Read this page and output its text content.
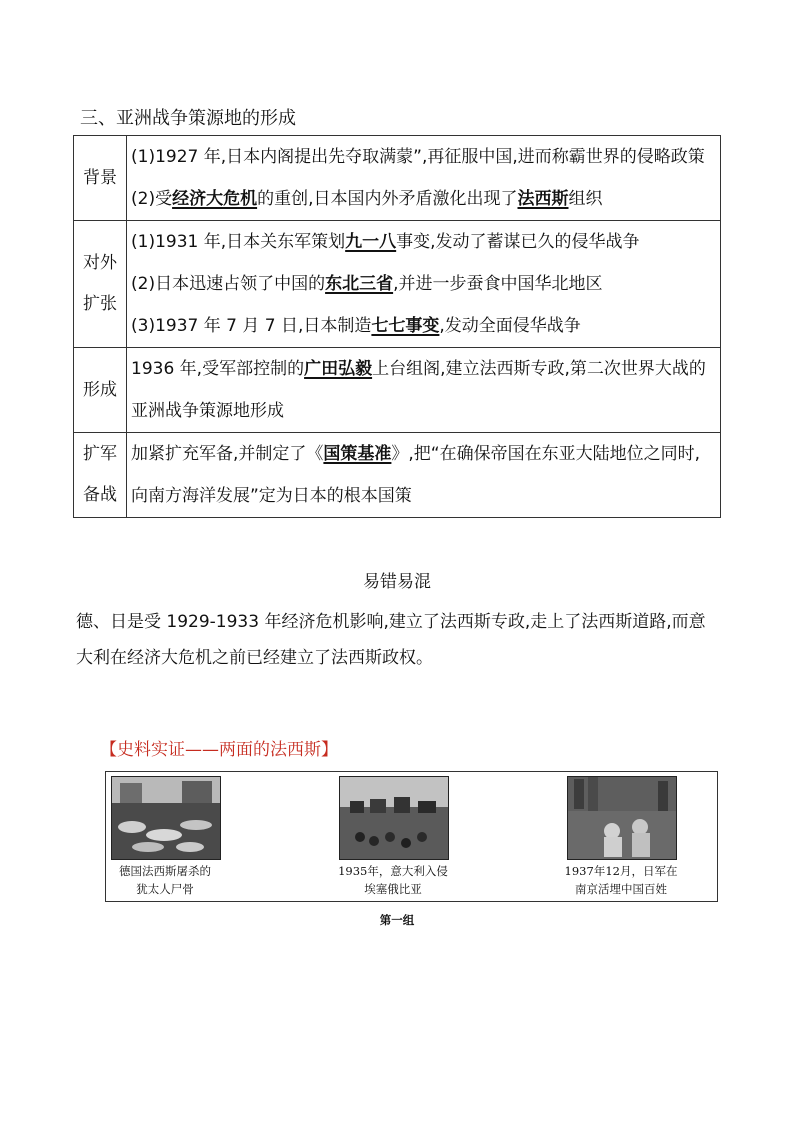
三、亚洲战争策源地的形成
背景	(1)1927 年,日本内阁提出先夺取满蒙”,再征服中国,进而称霸世界的侵略政策
(2)受经济大危机的重创,日本国内外矛盾激化出现了法西斯组织

对外扩张	(1)1931 年,日本关东军策划九一八事变,发动了蓄谋已久的侵华战争
(2)日本迅速占领了中国的东北三省,并进一步蚕食中国华北地区
(3)1937 年 7 月 7 日,日本制造七七事变,发动全面侵华战争

形成	1936 年,受军部控制的广田弘毅上台组阁,建立法西斯专政,第二次世界大战的亚洲战争策源地形成

扩军备战	加紧扩充军备,并制定了《国策基准》,把“在确保帝国在东亚大陆地位之同时,向南方海洋发展”定为日本的根本国策
易错易混
德、日是受 1929-1933 年经济危机影响,建立了法西斯专政,走上了法西斯道路,而意大利在经济大危机之前已经建立了法西斯政权。
【史料实证——两面的法西斯】
德国法西斯屠杀的
犹太人尸骨
1935年，意大利入侵
埃塞俄比亚
1937年12月，日军在
南京活埋中国百姓
第一组
